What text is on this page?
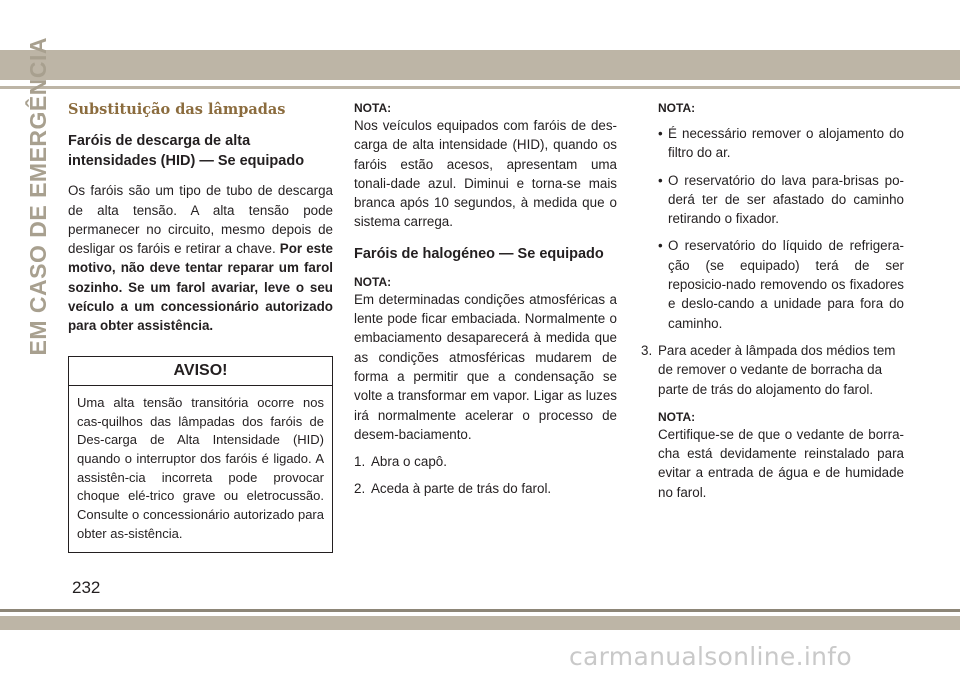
EM CASO DE EMERGÊNCIA Substituição das lâmpadas

Faróis de descarga de alta intensidades (HID) — Se equipado

Os faróis são um tipo de tubo de descarga de alta tensão. A alta tensão pode permanecer no circuito, mesmo depois de desligar os faróis e retirar a chave. Por este motivo, não deve tentar reparar um farol sozinho. Se um farol avariar, leve o seu veículo a um concessionário autorizado para obter assistência.

AVISO!
Uma alta tensão transitória ocorre nos cas-quilhos das lâmpadas dos faróis de Des-carga de Alta Intensidade (HID) quando o interruptor dos faróis é ligado. A assistên-cia incorreta pode provocar choque elé-trico grave ou eletrocussão. Consulte o concessionário autorizado para obter as-sistência.

NOTA:

Nos veículos equipados com faróis de des-carga de alta intensidade (HID), quando os faróis estão acesos, apresentam uma tonali-dade azul. Diminui e torna-se mais branca após 10 segundos, à medida que o sistema carrega.

Faróis de halogéneo — Se equipado

NOTA:

Em determinadas condições atmosféricas a lente pode ficar embaciada. Normalmente o embaciamento desaparecerá à medida que as condições atmosféricas mudarem de forma a permitir que a condensação se volte a transformar em vapor. Ligar as luzes irá normalmente acelerar o processo de desem-baciamento.

1. Abra o capô.

2. Aceda à parte de trás do farol.

NOTA:

• É necessário remover o alojamento do filtro do ar.

• O reservatório do lava para-brisas po-derá ter de ser afastado do caminho retirando o fixador.

• O reservatório do líquido de refrigera-ção (se equipado) terá de ser reposicio-nado removendo os fixadores e deslo-cando a unidade para fora do caminho.

3. Para aceder à lâmpada dos médios tem de remover o vedante de borracha da parte de trás do alojamento do farol.

NOTA:

Certifique-se de que o vedante de borra-cha está devidamente reinstalado para evitar a entrada de água e de humidade no farol.

232
carmanualsonline.info
